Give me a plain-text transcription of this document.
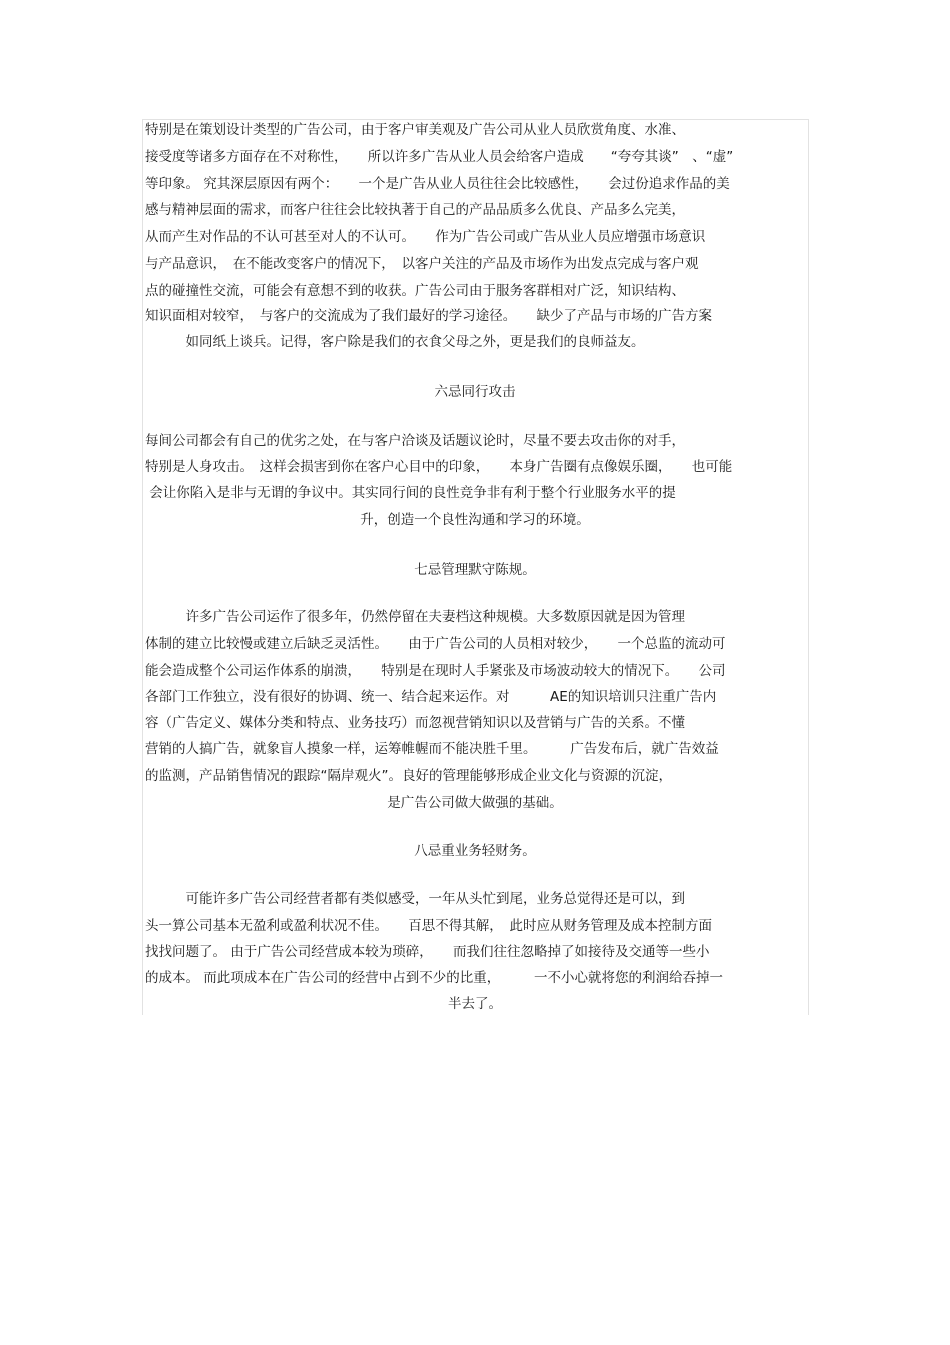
特别是在策划设计类型的广告公司，由于客户审美观及广告公司从业人员欣赏角度、水准、
接受度等诸多方面存在不对称性，　　所以许多广告从业人员会给客户造成　　“夸夸其谈”　、“虚”
等印象。 究其深层原因有两个：　　一个是广告从业人员往往会比较感性，　　会过份追求作品的美
感与精神层面的需求，而客户往往会比较执著于自己的产品品质多么优良、产品多么完美，
从而产生对作品的不认可甚至对人的不认可。　　作为广告公司或广告从业人员应增强市场意识
与产品意识，　在不能改变客户的情况下，　以客户关注的产品及市场作为出发点完成与客户观
点的碰撞性交流，可能会有意想不到的收获。广告公司由于服务客群相对广泛，知识结构、
知识面相对较窄，　与客户的交流成为了我们最好的学习途径。　　缺少了产品与市场的广告方案
　　　如同纸上谈兵。记得，客户除是我们的衣食父母之外，更是我们的良师益友。
六忌同行攻击
每间公司都会有自己的优劣之处，在与客户洽谈及话题议论时，尽量不要去攻击你的对手，
特别是人身攻击。　这样会损害到你在客户心目中的印象，　　本身广告圈有点像娱乐圈，　　也可能
会让你陷入是非与无谓的争议中。其实同行间的良性竞争非有利于整个行业服务水平的提
升，创造一个良性沟通和学习的环境。
七忌管理默守陈规。
　　　许多广告公司运作了很多年，仍然停留在夫妻档这种规模。大多数原因就是因为管理
体制的建立比较慢或建立后缺乏灵活性。　　由于广告公司的人员相对较少，　　一个总监的流动可
能会造成整个公司运作体系的崩溃，　　特别是在现时人手紧张及市场波动较大的情况下。　　公司
各部门工作独立，没有很好的协调、统一、结合起来运作。对　　　AE的知识培训只注重广告内
容（广告定义、媒体分类和特点、业务技巧）而忽视营销知识以及营销与广告的关系。不懂
营销的人搞广告，就象盲人摸象一样，运筹帷幄而不能决胜千里。　　　广告发布后，就广告效益
的监测，产品销售情况的跟踪“隔岸观火”。良好的管理能够形成企业文化与资源的沉淀，
是广告公司做大做强的基础。
八忌重业务轻财务。
　　　可能许多广告公司经营者都有类似感受，一年从头忙到尾，业务总觉得还是可以，到
头一算公司基本无盈利或盈利状况不佳。　　百思不得其解，　此时应从财务管理及成本控制方面
找找问题了。 由于广告公司经营成本较为琐碎，　　而我们往往忽略掉了如接待及交通等一些小
的成本。 而此项成本在广告公司的经营中占到不少的比重，　　　一不小心就将您的利润给吞掉一
半去了。
